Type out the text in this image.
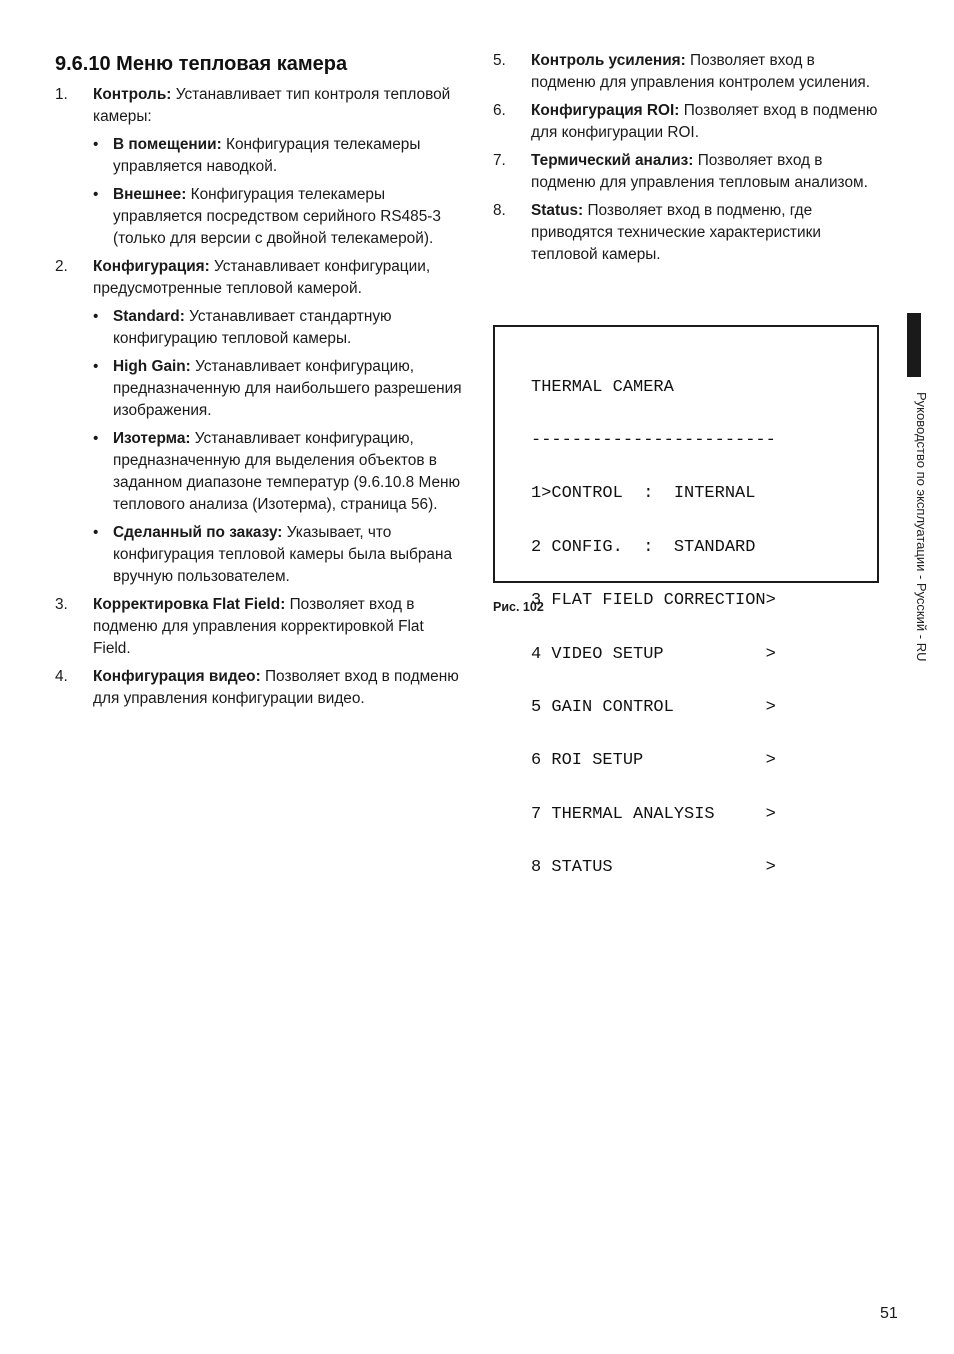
9.6.10 Меню тепловая камера
1. Контроль: Устанавливает тип контроля тепловой камеры:
• В помещении: Конфигурация телекамеры управляется наводкой.
• Внешнее: Конфигурация телекамеры управляется посредством серийного RS485-3 (только для версии с двойной телекамерой).
2. Конфигурация: Устанавливает конфигурации, предусмотренные тепловой камерой.
• Standard: Устанавливает стандартную конфигурацию тепловой камеры.
• High Gain: Устанавливает конфигурацию, предназначенную для наибольшего разрешения изображения.
• Изотерма: Устанавливает конфигурацию, предназначенную для выделения объектов в заданном диапазоне температур (9.6.10.8 Меню теплового анализа (Изотерма), страница 56).
• Сделанный по заказу: Указывает, что конфигурация тепловой камеры была выбрана вручную пользователем.
3. Корректировка Flat Field: Позволяет вход в подменю для управления корректировкой Flat Field.
4. Конфигурация видео: Позволяет вход в подменю для управления конфигурации видео.
5. Контроль усиления: Позволяет вход в подменю для управления контролем усиления.
6. Конфигурация ROI: Позволяет вход в подменю для конфигурации ROI.
7. Термический анализ: Позволяет вход в подменю для управления тепловым анализом.
8. Status: Позволяет вход в подменю, где приводятся технические характеристики тепловой камеры.

THERMAL CAMERA

------------------------

1>CONTROL  :  INTERNAL

2 CONFIG.  :  STANDARD

3 FLAT FIELD CORRECTION>

4 VIDEO SETUP          >

5 GAIN CONTROL         >

6 ROI SETUP            >

7 THERMAL ANALYSIS     >

8 STATUS               >

Рис. 102	Руководство по эксплуатации - Русский - RU
51
